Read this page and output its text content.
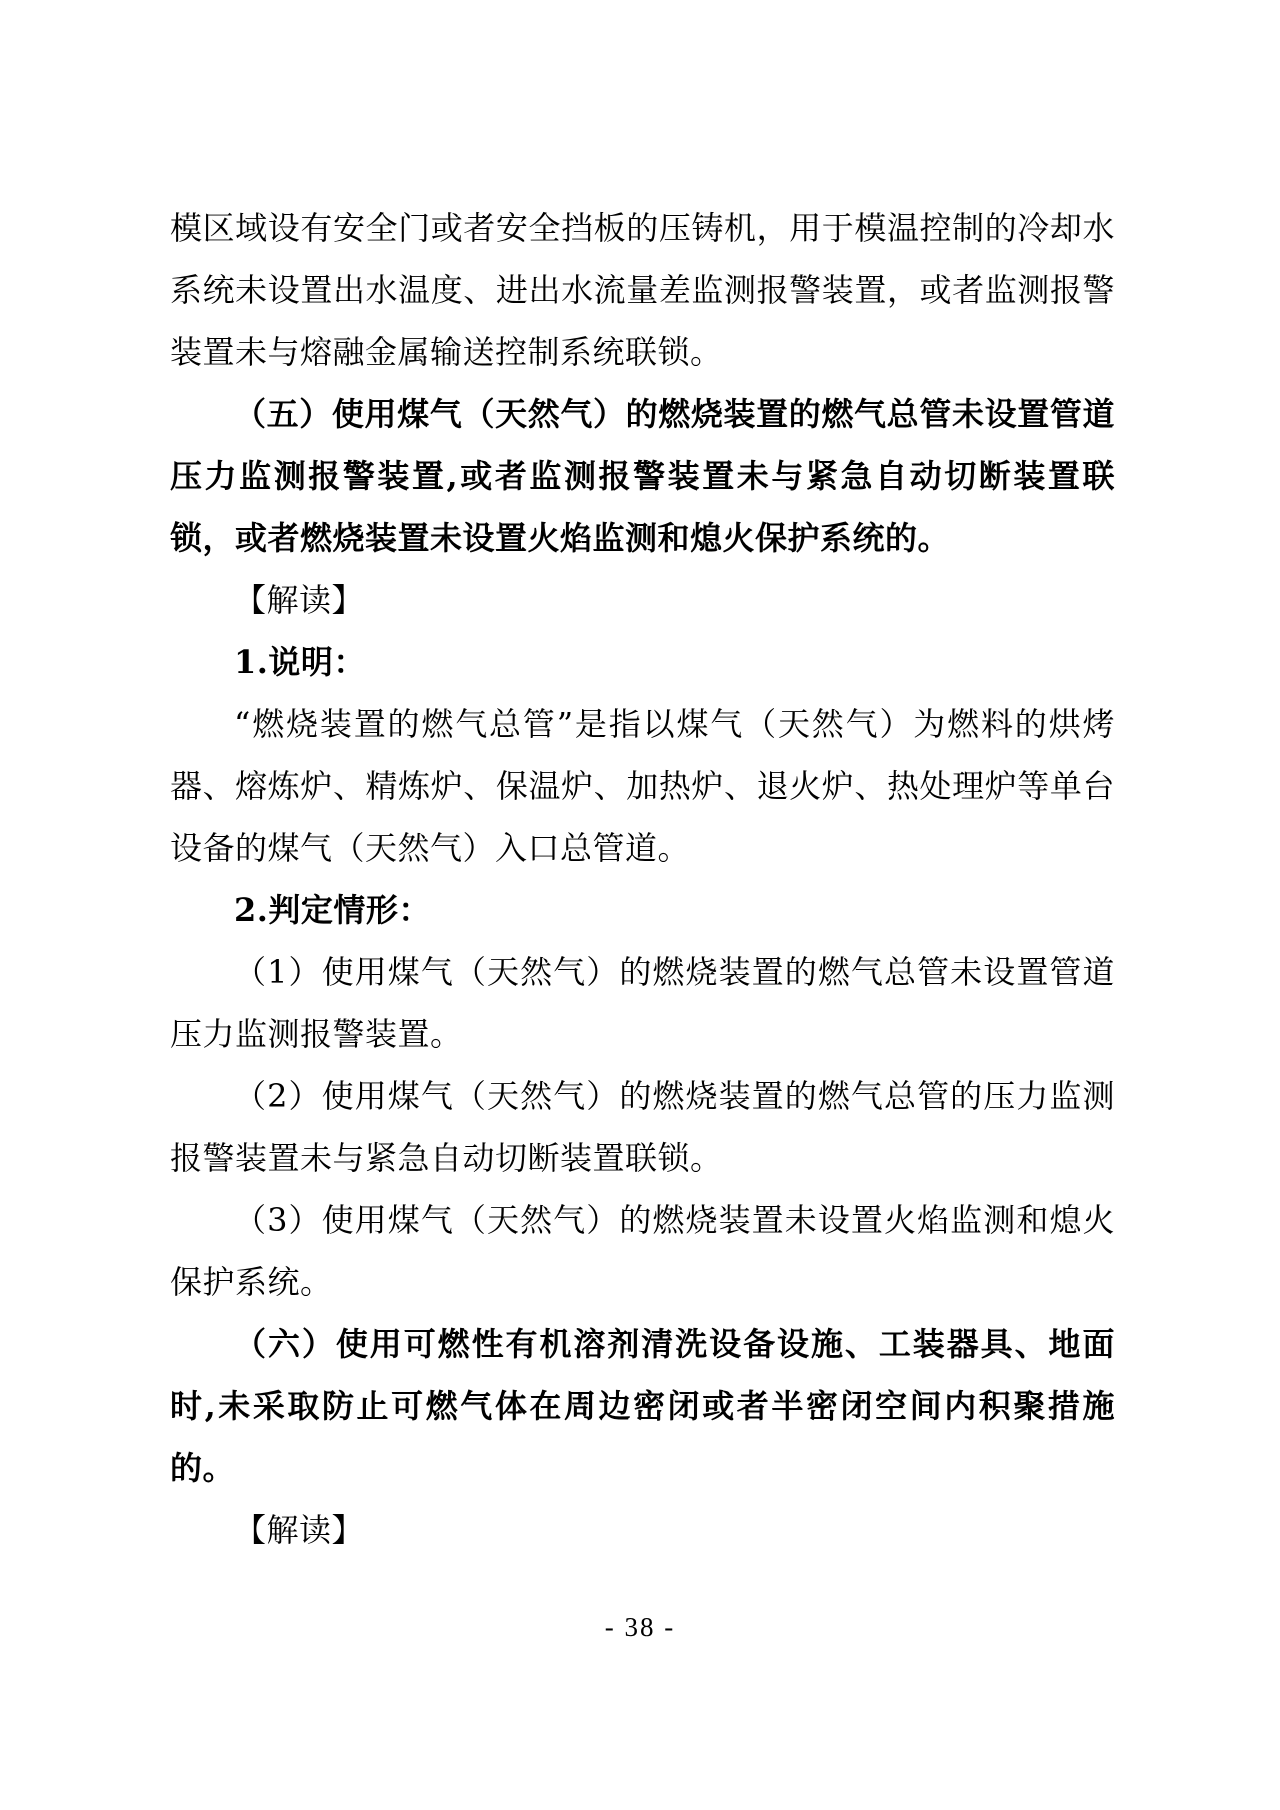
模区域设有安全门或者安全挡板的压铸机，用于模温控制的冷却水系统未设置出水温度、进出水流量差监测报警装置，或者监测报警装置未与熔融金属输送控制系统联锁。

（五）使用煤气（天然气）的燃烧装置的燃气总管未设置管道压力监测报警装置,或者监测报警装置未与紧急自动切断装置联锁，或者燃烧装置未设置火焰监测和熄火保护系统的。

【解读】

1.说明：

“燃烧装置的燃气总管”是指以煤气（天然气）为燃料的烘烤器、熔炼炉、精炼炉、保温炉、加热炉、退火炉、热处理炉等单台设备的煤气（天然气）入口总管道。

2.判定情形：

（1）使用煤气（天然气）的燃烧装置的燃气总管未设置管道压力监测报警装置。

（2）使用煤气（天然气）的燃烧装置的燃气总管的压力监测报警装置未与紧急自动切断装置联锁。

（3）使用煤气（天然气）的燃烧装置未设置火焰监测和熄火保护系统。

（六）使用可燃性有机溶剂清洗设备设施、工装器具、地面时,未采取防止可燃气体在周边密闭或者半密闭空间内积聚措施的。

【解读】

- 38 -
